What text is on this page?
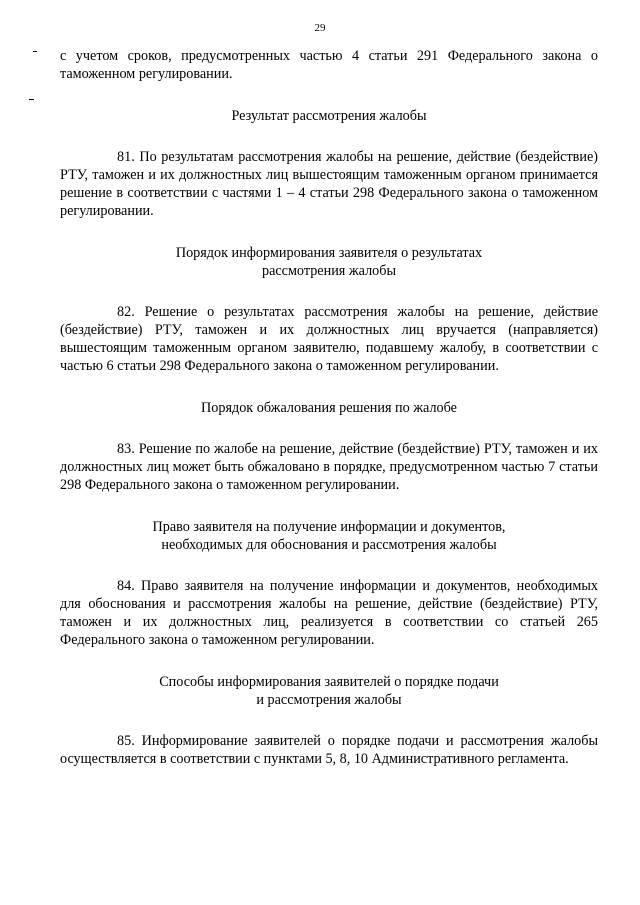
29

с учетом сроков, предусмотренных частью 4 статьи 291 Федерального закона о таможенном регулировании.

Результат рассмотрения жалобы

81. По результатам рассмотрения жалобы на решение, действие (бездействие) РТУ, таможен и их должностных лиц вышестоящим таможенным органом принимается решение в соответствии с частями 1 – 4 статьи 298 Федерального закона о таможенном регулировании.

Порядок информирования заявителя о результатах
рассмотрения жалобы

82. Решение о результатах рассмотрения жалобы на решение, действие (бездействие) РТУ, таможен и их должностных лиц вручается (направляется) вышестоящим таможенным органом заявителю, подавшему жалобу, в соответствии с частью 6 статьи 298 Федерального закона о таможенном регулировании.

Порядок обжалования решения по жалобе

83. Решение по жалобе на решение, действие (бездействие) РТУ, таможен и их должностных лиц может быть обжаловано в порядке, предусмотренном частью 7 статьи 298 Федерального закона о таможенном регулировании.

Право заявителя на получение информации и документов,
необходимых для обоснования и рассмотрения жалобы

84. Право заявителя на получение информации и документов, необходимых для обоснования и рассмотрения жалобы на решение, действие (бездействие) РТУ, таможен и их должностных лиц, реализуется в соответствии со статьей 265 Федерального закона о таможенном регулировании.

Способы информирования заявителей о порядке подачи
и рассмотрения жалобы

85. Информирование заявителей о порядке подачи и рассмотрения жалобы осуществляется в соответствии с пунктами 5, 8, 10 Административного регламента.
